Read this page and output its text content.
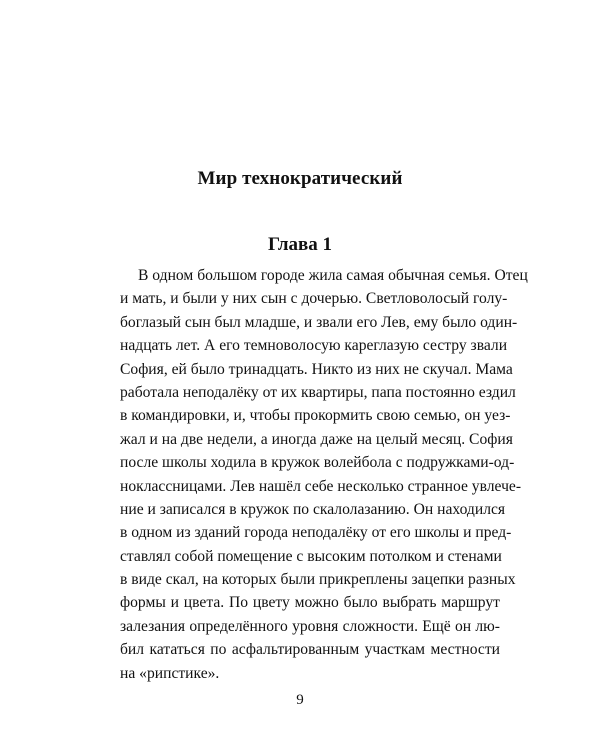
Мир технократический
Глава 1
В одном большом городе жила самая обычная семья. Отец
и мать, и были у них сын с дочерью. Светловолосый голу-
боглазый сын был младше, и звали его Лев, ему было один-
надцать лет. А его темноволосую кареглазую сестру звали
София, ей было тринадцать. Никто из них не скучал. Мама
работала неподалёку от их квартиры, папа постоянно ездил
в командировки, и, чтобы прокормить свою семью, он уез-
жал и на две недели, а иногда даже на целый месяц. София
после школы ходила в кружок волейбола с подружками-од-
ноклассницами. Лев нашёл себе несколько странное увлече-
ние и записался в кружок по скалолазанию. Он находился
в одном из зданий города неподалёку от его школы и пред-
ставлял собой помещение с высоким потолком и стенами
в виде скал, на которых были прикреплены зацепки разных
формы и цвета. По цвету можно было выбрать маршрут
залезания определённого уровня сложности. Ещё он лю-
бил кататься по асфальтированным участкам местности
на «рипстике».
9
